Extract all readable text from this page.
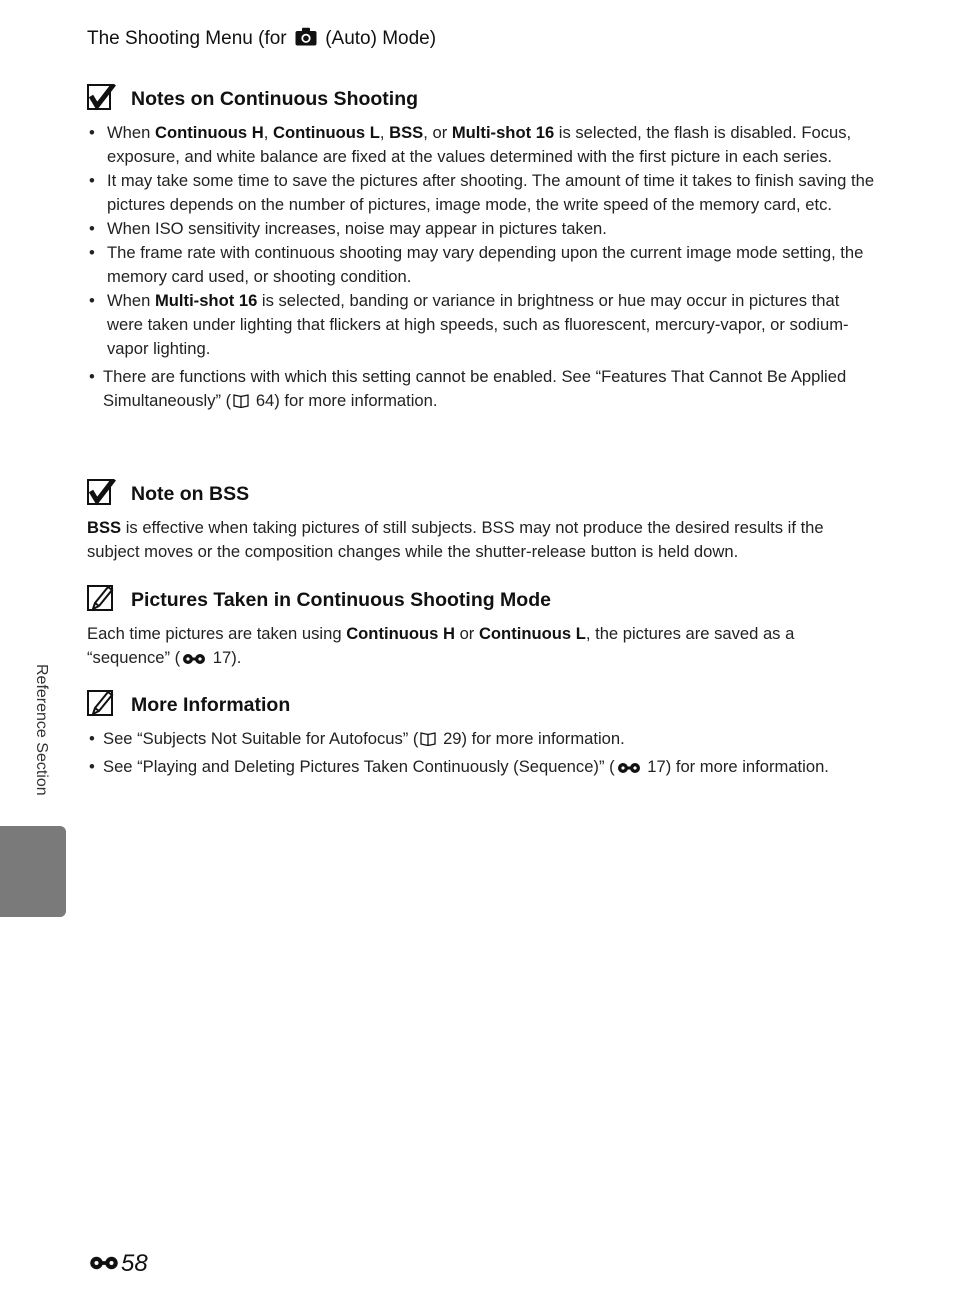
The Shooting Menu (for (Auto) Mode)
Notes on Continuous Shooting
• When Continuous H, Continuous L, BSS, or Multi-shot 16 is selected, the flash is disabled. Focus, exposure, and white balance are fixed at the values determined with the first picture in each series.
• It may take some time to save the pictures after shooting. The amount of time it takes to finish saving the pictures depends on the number of pictures, image mode, the write speed of the memory card, etc.
• When ISO sensitivity increases, noise may appear in pictures taken.
• The frame rate with continuous shooting may vary depending upon the current image mode setting, the memory card used, or shooting condition.
• When Multi-shot 16 is selected, banding or variance in brightness or hue may occur in pictures that were taken under lighting that flickers at high speeds, such as fluorescent, mercury-vapor, or sodium-vapor lighting.
• There are functions with which this setting cannot be enabled. See “Features That Cannot Be Applied Simultaneously” ( 64) for more information.
Note on BSS

BSS is effective when taking pictures of still subjects. BSS may not produce the desired results if the subject moves or the composition changes while the shutter-release button is held down.

Pictures Taken in Continuous Shooting Mode

Each time pictures are taken using Continuous H or Continuous L, the pictures are saved as a “sequence” ( 17).

More Information
• See “Subjects Not Suitable for Autofocus” ( 29) for more information.
• See “Playing and Deleting Pictures Taken Continuously (Sequence)” ( 17) for more information.
Reference Section
58
